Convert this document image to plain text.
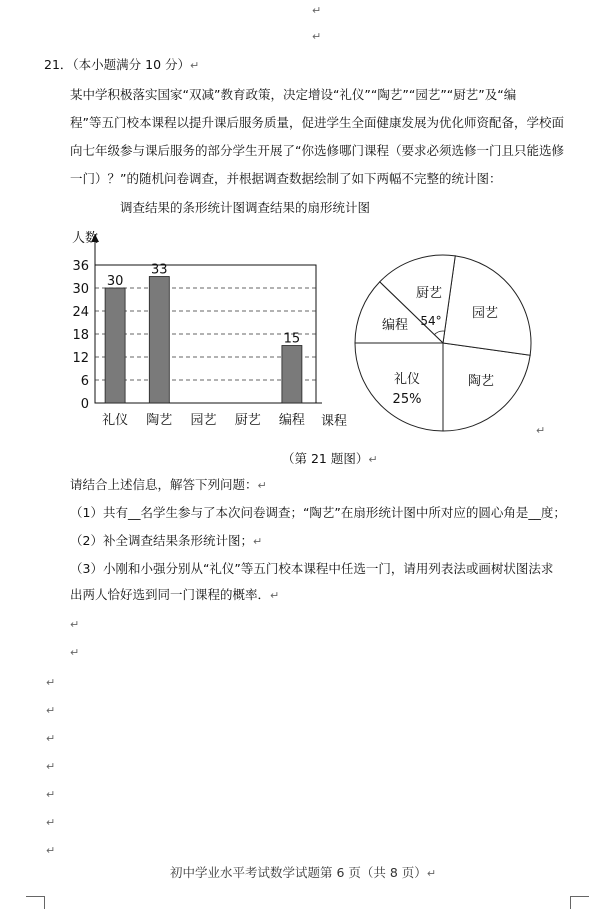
↵
↵
21．（本小题满分 10 分）↵
某中学积极落实国家“双减”教育政策，决定增设“礼仪”“陶艺”“园艺”“厨艺”及“编
程”等五门校本课程以提升课后服务质量，促进学生全面健康发展为优化师资配备，学校面
向七年级参与课后服务的部分学生开展了“你选修哪门课程（要求必须选修一门且只能选修
一门）？”的随机问卷调查，并根据调查数据绘制了如下两幅不完整的统计图：
调查结果的条形统计图调查结果的扇形统计图
0
6
12
18
24
30
36
人数
课程
30
礼仪
33
陶艺 园艺 厨艺
15
编程
礼仪
25%
陶艺
园艺
厨艺
编程 54°
↵
（第 21 题图）↵
请结合上述信息，解答下列问题：↵
（1）共有__名学生参与了本次问卷调查；“陶艺”在扇形统计图中所对应的圆心角是__度；
（2）补全调查结果条形统计图；↵
（3）小刚和小强分别从“礼仪”等五门校本课程中任选一门，请用列表法或画树状图法求
出两人恰好选到同一门课程的概率．↵
↵
↵
↵
↵
↵
↵
↵
↵
↵
初中学业水平考试数学试题第 6 页（共 8 页）↵
